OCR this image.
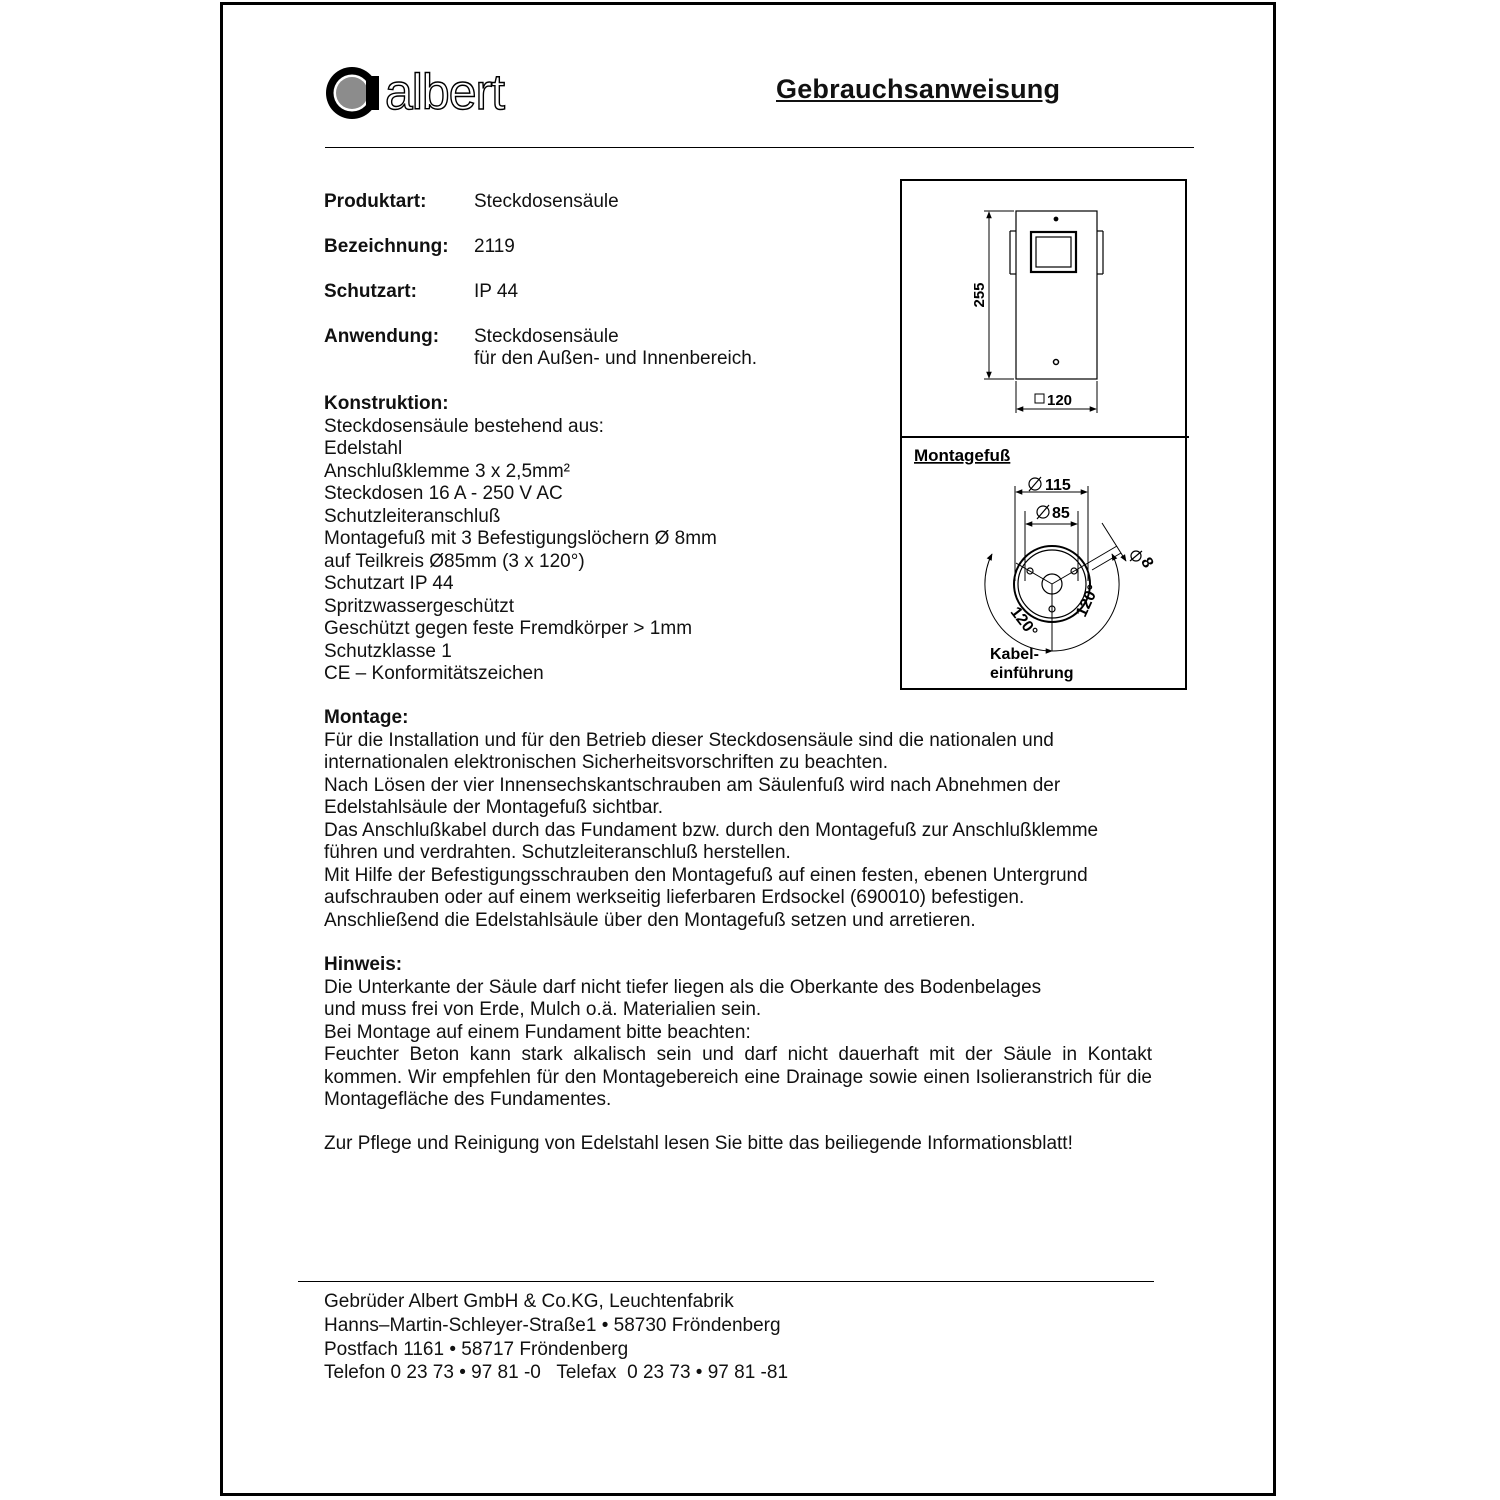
albert	Gebrauchsanweisung
Produktart:	Steckdosensäule
Bezeichnung: 2119
Schutzart:	IP 44
Anwendung: Steckdosensäule
für den Außen- und Innenbereich.
Konstruktion:
Steckdosensäule bestehend aus:
Edelstahl
Anschlußklemme 3 x 2,5mm²
Steckdosen 16 A - 250 V AC
Schutzleiteranschluß
Montagefuß mit 3 Befestigungslöchern Ø 8mm
auf Teilkreis Ø85mm (3 x 120°)
Schutzart IP 44
Spritzwassergeschützt
Geschützt gegen feste Fremdkörper > 1mm
Schutzklasse 1
CE – Konformitätszeichen
255
120
Montagefuß
115
85
8
120°
120°
Kabel-
einführung
Montage:
Für die Installation und für den Betrieb dieser Steckdosensäule sind die nationalen und
internationalen elektronischen Sicherheitsvorschriften zu beachten.
Nach Lösen der vier Innensechskantschrauben am Säulenfuß wird nach Abnehmen der
Edelstahlsäule der Montagefuß sichtbar.
Das Anschlußkabel durch das Fundament bzw. durch den Montagefuß zur Anschlußklemme
führen und verdrahten. Schutzleiteranschluß herstellen.
Mit Hilfe der Befestigungsschrauben den Montagefuß auf einen festen, ebenen Untergrund
aufschrauben oder auf einem werkseitig lieferbaren Erdsockel (690010) befestigen.
Anschließend die Edelstahlsäule über den Montagefuß setzen und arretieren.
Hinweis:
Die Unterkante der Säule darf nicht tiefer liegen als die Oberkante des Bodenbelages
und muss frei von Erde, Mulch o.ä. Materialien sein.
Bei Montage auf einem Fundament bitte beachten:
Feuchter Beton kann stark alkalisch sein und darf nicht dauerhaft mit der Säule in Kontakt kommen. Wir empfehlen für den Montagebereich eine Drainage sowie einen Isolieranstrich für die Montagefläche des Fundamentes.
Zur Pflege und Reinigung von Edelstahl lesen Sie bitte das beiliegende Informationsblatt!
Gebrüder Albert GmbH & Co.KG, Leuchtenfabrik
Hanns–Martin-Schleyer-Straße1 • 58730 Fröndenberg
Postfach 1161 • 58717 Fröndenberg
Telefon 0 23 73 • 97 81 -0   Telefax  0 23 73 • 97 81 -81
